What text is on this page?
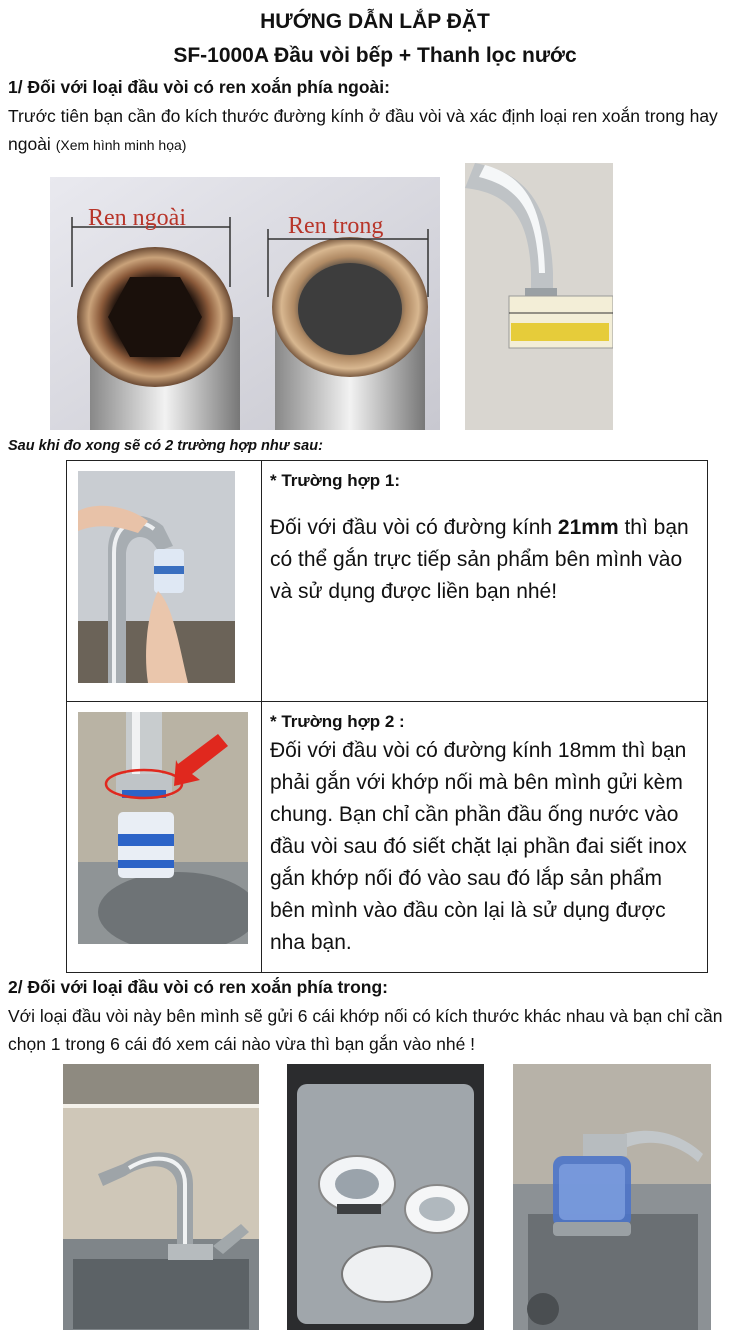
HƯỚNG DẪN LẮP ĐẶT
SF-1000A Đầu vòi bếp + Thanh lọc nước
1/ Đối với loại đầu vòi có ren xoắn phía ngoài:
Trước tiên bạn cần đo kích thước đường kính ở đầu vòi và xác định loại ren xoắn trong hay ngoài (Xem hình minh họa)
Ren ngoài	Ren trong
Sau khi đo xong sẽ có 2 trường hợp như sau:

* Trường hợp 1:
Đối với đầu vòi có đường kính 21mm thì bạn có thể gắn trực tiếp sản phẩm bên mình vào và sử dụng được liền bạn nhé!

* Trường hợp 2 :
Đối với đầu vòi có đường kính 18mm thì bạn phải gắn với khớp nối mà bên mình gửi kèm chung. Bạn chỉ cần phần đầu ống nước vào đầu vòi sau đó siết chặt lại phần đai siết inox gắn khớp nối đó vào sau đó lắp sản phẩm bên mình vào đầu còn lại là sử dụng được nha bạn.
2/ Đối với loại đầu vòi có ren xoắn phía trong:
Với loại đầu vòi này bên mình sẽ gửi 6 cái khớp nối có kích thước khác nhau và bạn chỉ cần chọn 1 trong 6 cái đó xem cái nào vừa thì bạn gắn vào nhé !
